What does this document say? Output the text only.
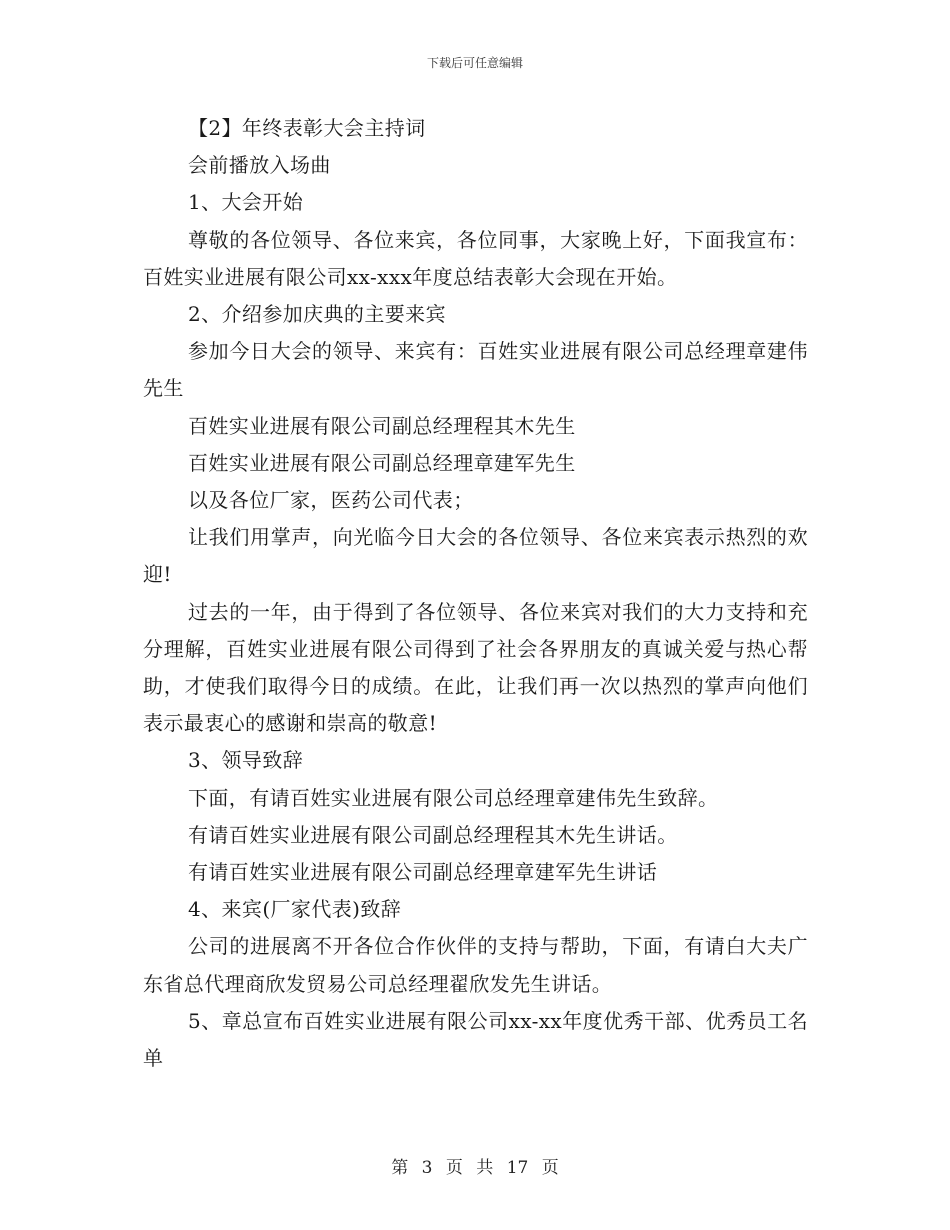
下载后可任意编辑

【2】年终表彰大会主持词

会前播放入场曲

1、大会开始

尊敬的各位领导、各位来宾，各位同事，大家晚上好，下面我宣布：百姓实业进展有限公司xx-xxx年度总结表彰大会现在开始。

2、介绍参加庆典的主要来宾

参加今日大会的领导、来宾有：百姓实业进展有限公司总经理章建伟先生

百姓实业进展有限公司副总经理程其木先生

百姓实业进展有限公司副总经理章建军先生

以及各位厂家，医药公司代表；

让我们用掌声，向光临今日大会的各位领导、各位来宾表示热烈的欢迎!

过去的一年，由于得到了各位领导、各位来宾对我们的大力支持和充分理解，百姓实业进展有限公司得到了社会各界朋友的真诚关爱与热心帮助，才使我们取得今日的成绩。在此，让我们再一次以热烈的掌声向他们表示最衷心的感谢和崇高的敬意!

3、领导致辞

下面，有请百姓实业进展有限公司总经理章建伟先生致辞。

有请百姓实业进展有限公司副总经理程其木先生讲话。

有请百姓实业进展有限公司副总经理章建军先生讲话

4、来宾(厂家代表)致辞

公司的进展离不开各位合作伙伴的支持与帮助，下面，有请白大夫广东省总代理商欣发贸易公司总经理翟欣发先生讲话。

5、章总宣布百姓实业进展有限公司xx-xx年度优秀干部、优秀员工名单

第 3 页 共 17 页
